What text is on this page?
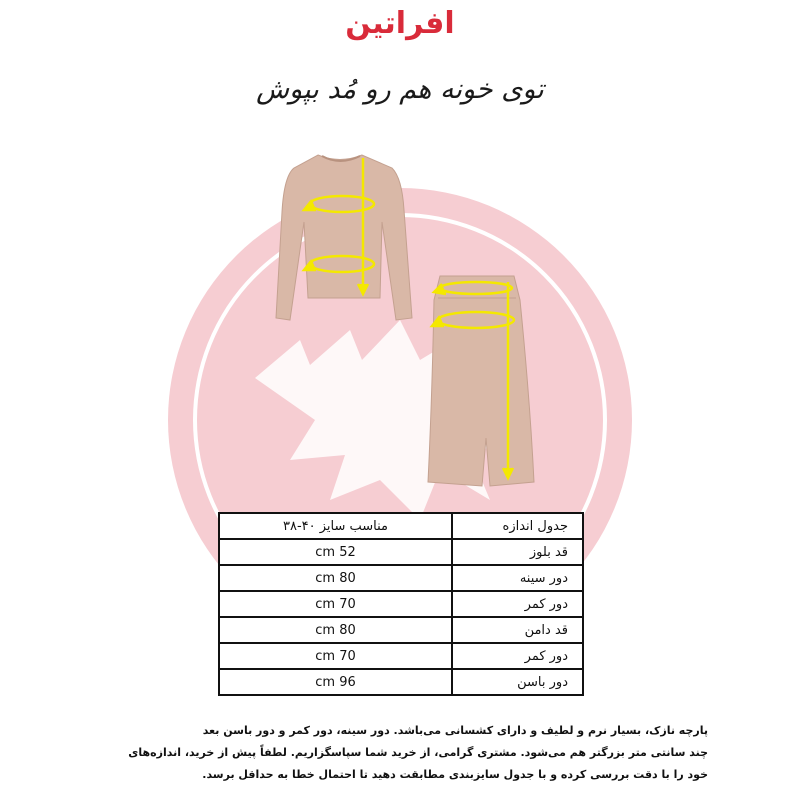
افراتین
توی خونه هم رو مُد بپوش
جدول اندازه	مناسب سایز ۴۰-۳۸
قد بلوز	52 cm
دور سینه	80 cm
دور کمر	70 cm
قد دامن	80 cm
دور کمر	70 cm
دور باسن	96 cm
پارچه نازک، بسیار نرم و لطیف و دارای کشسانی می‌باشد. دور سینه، دور کمر و دور باسن بعد
چند سانتی متر بزرگتر هم می‌شود. مشتری گرامی، از خرید شما سپاسگزاریم. لطفاً پیش از خرید، اندازه‌های
خود را با دقت بررسی کرده و با جدول سایزبندی مطابقت دهید تا احتمال خطا به حداقل برسد.
